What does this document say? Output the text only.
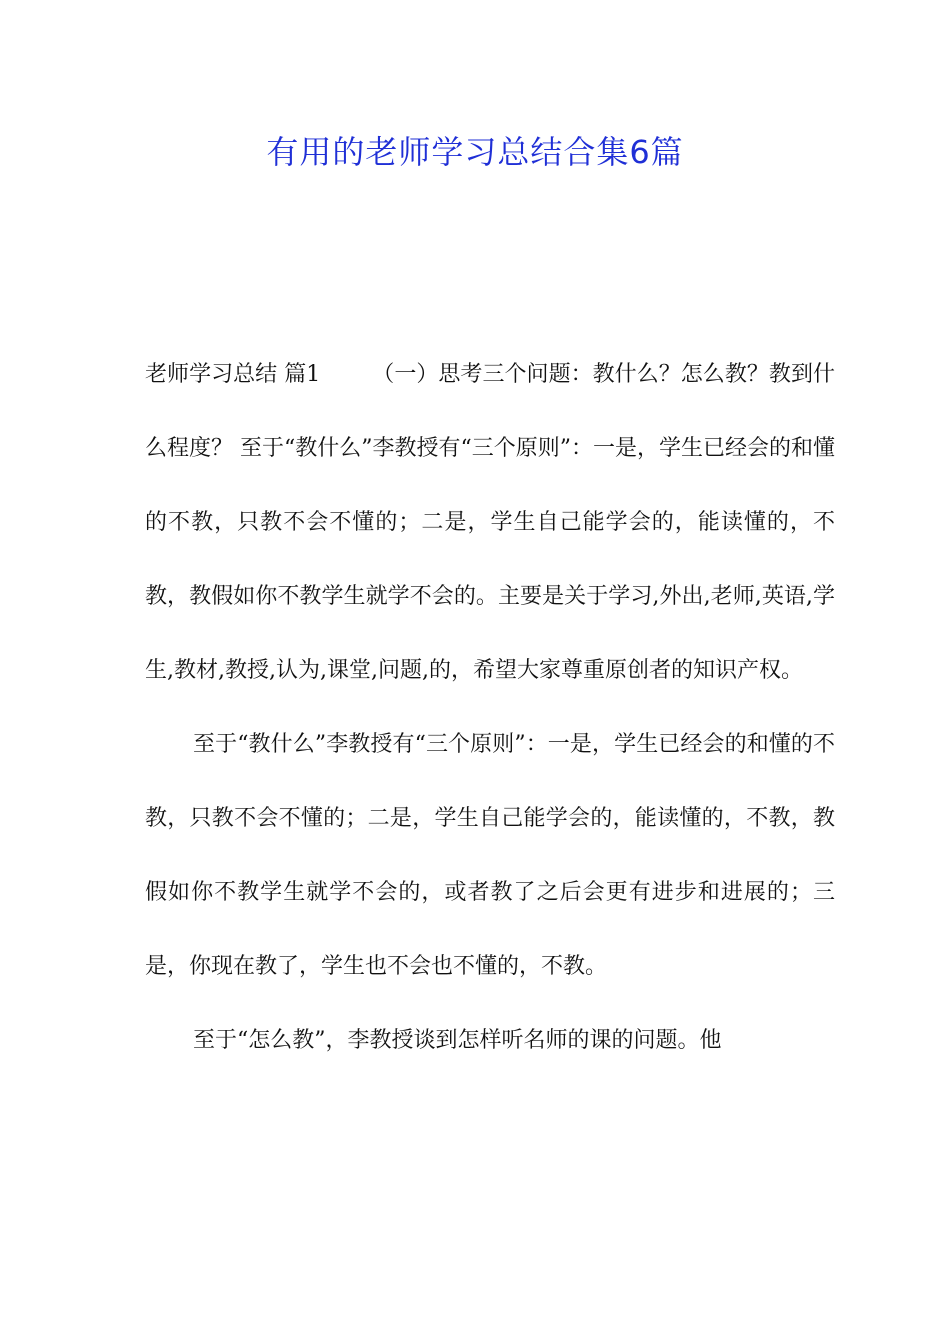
有用的老师学习总结合集6篇

老师学习总结 篇1 （一）思考三个问题：教什么？怎么教？教到什么程度？ 至于“教什么”李教授有“三个原则”：一是，学生已经会的和懂的不教，只教不会不懂的；二是，学生自己能学会的，能读懂的，不教，教假如你不教学生就学不会的。主要是关于学习,外出,老师,英语,学生,教材,教授,认为,课堂,问题,的，希望大家尊重原创者的知识产权。

至于“教什么”李教授有“三个原则”：一是，学生已经会的和懂的不教，只教不会不懂的；二是，学生自己能学会的，能读懂的，不教，教假如你不教学生就学不会的，或者教了之后会更有进步和进展的；三是，你现在教了，学生也不会也不懂的，不教。

至于“怎么教”，李教授谈到怎样听名师的课的问题。他
